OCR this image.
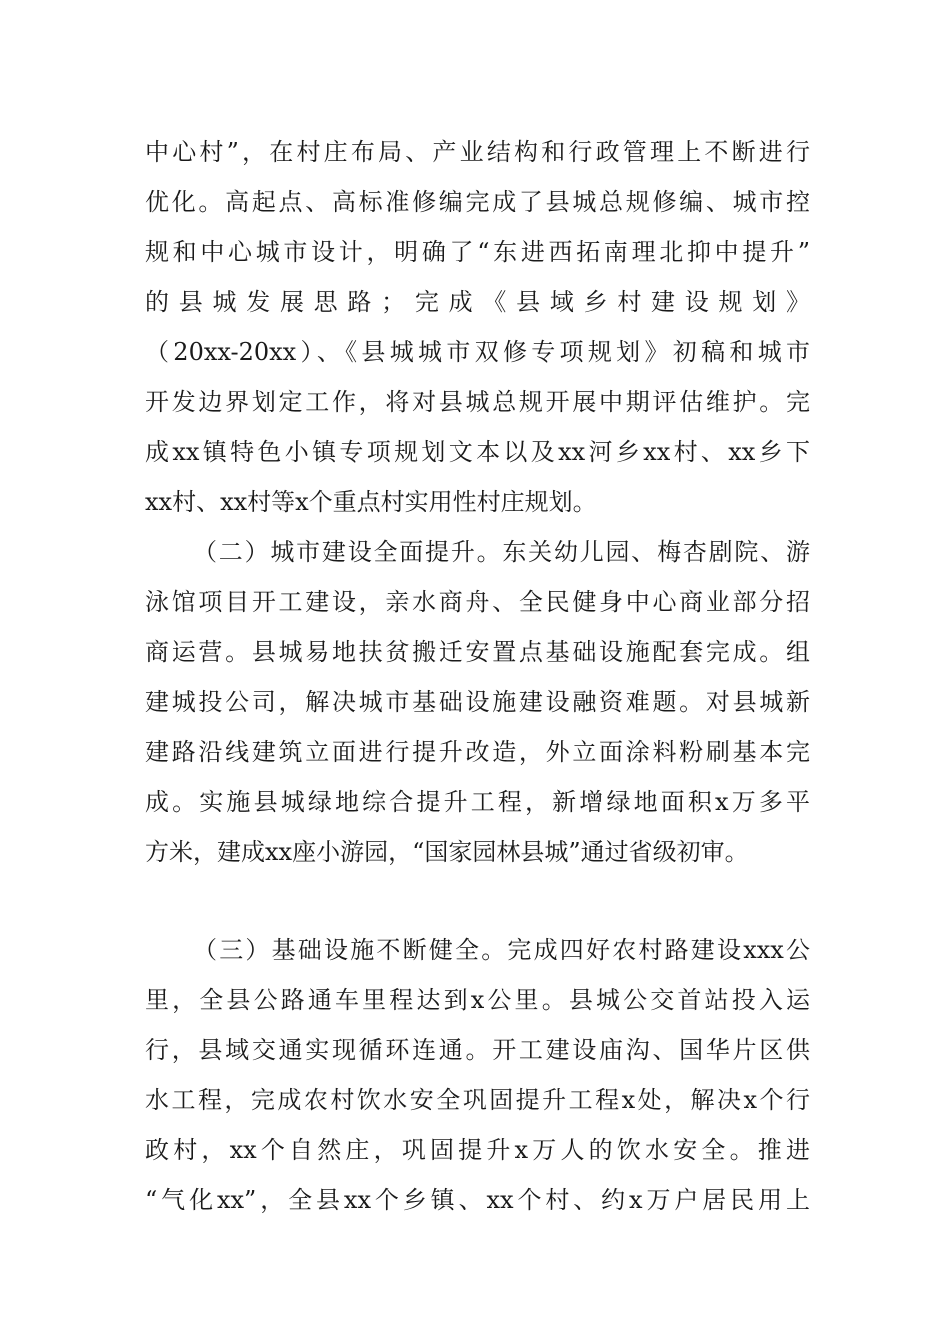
中心村”，在村庄布局、产业结构和行政管理上不断进行
优化。高起点、高标准修编完成了县城总规修编、城市控
规和中心城市设计，明确了“东进西拓南理北抑中提升”
的县城发展思路；完成《县域乡村建设规划》
（20xx-20xx）、《县城城市双修专项规划》初稿和城市
开发边界划定工作，将对县城总规开展中期评估维护。完
成xx镇特色小镇专项规划文本以及xx河乡xx村、xx乡下
xx村、xx村等x个重点村实用性村庄规划。
（二）城市建设全面提升。东关幼儿园、梅杏剧院、游
泳馆项目开工建设，亲水商舟、全民健身中心商业部分招
商运营。县城易地扶贫搬迁安置点基础设施配套完成。组
建城投公司，解决城市基础设施建设融资难题。对县城新
建路沿线建筑立面进行提升改造，外立面涂料粉刷基本完
成。实施县城绿地综合提升工程，新增绿地面积x万多平
方米，建成xx座小游园，“国家园林县城”通过省级初审。
（三）基础设施不断健全。完成四好农村路建设xxx公
里，全县公路通车里程达到x公里。县城公交首站投入运
行，县域交通实现循环连通。开工建设庙沟、国华片区供
水工程，完成农村饮水安全巩固提升工程x处，解决x个行
政村，xx个自然庄，巩固提升x万人的饮水安全。推进
“气化xx”，全县xx个乡镇、xx个村、约x万户居民用上
